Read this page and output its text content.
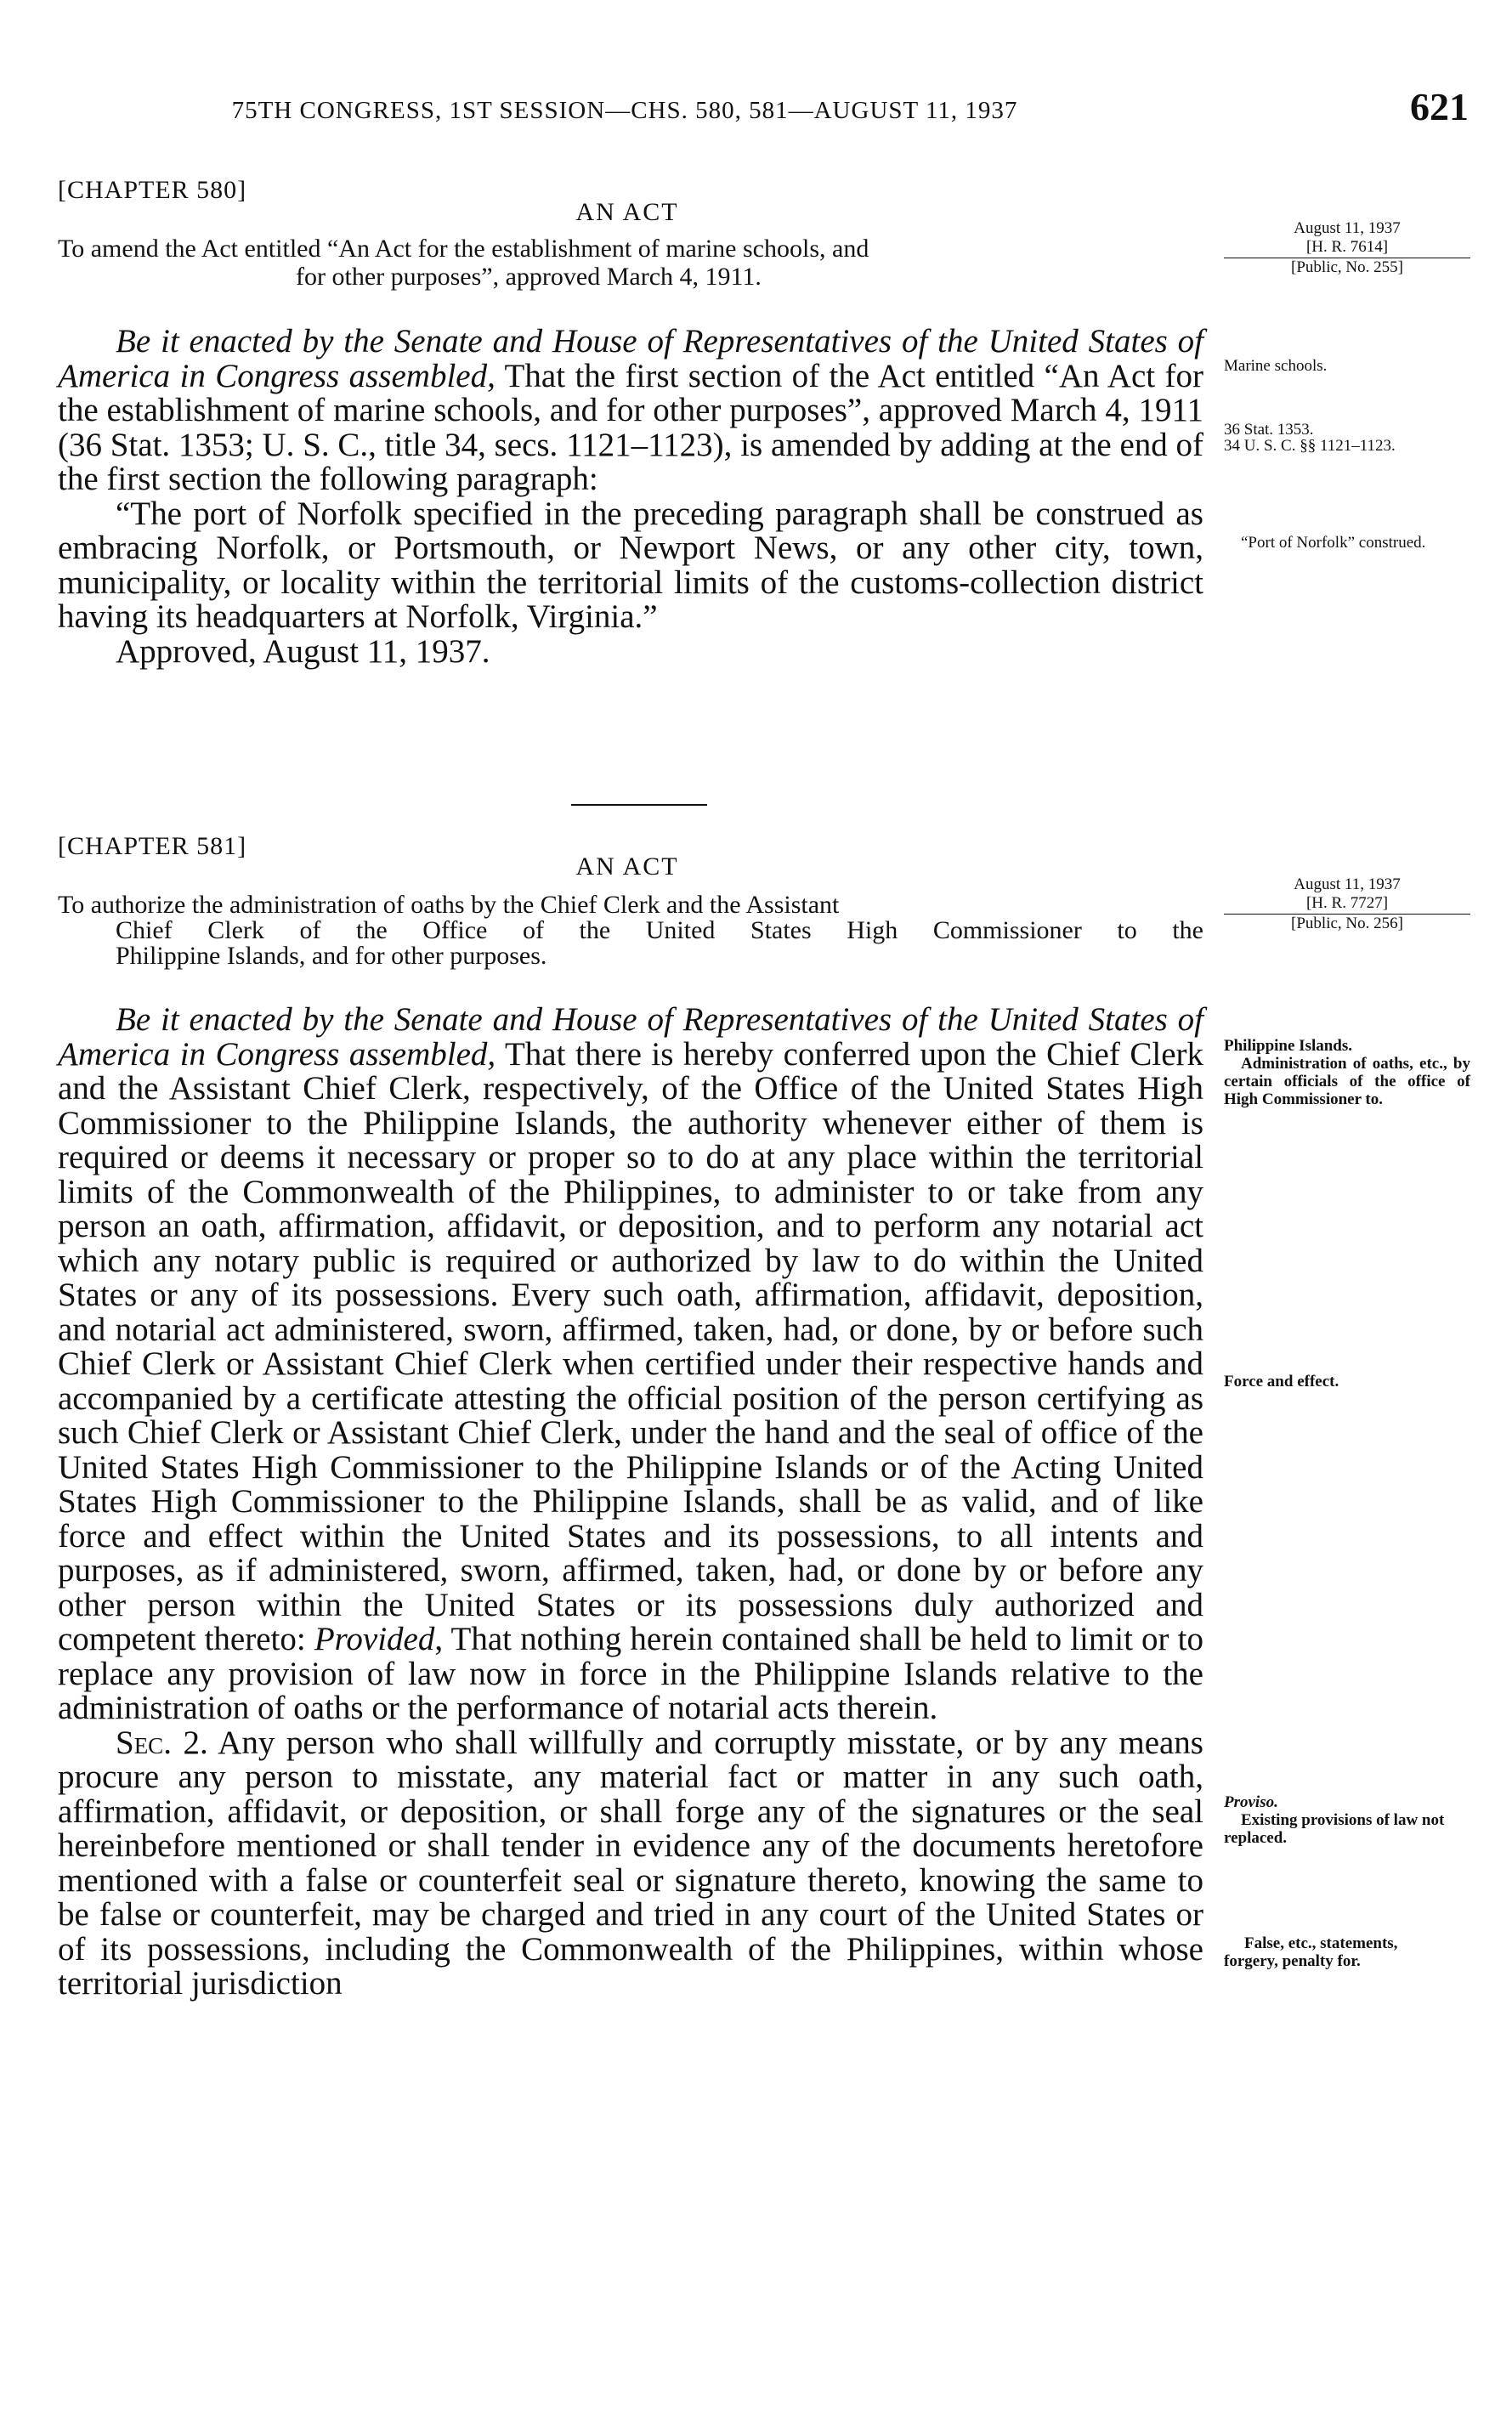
75TH CONGRESS, 1ST SESSION—CHS. 580, 581—AUGUST 11, 1937	621
[CHAPTER 580]
AN ACT
To amend the Act entitled “An Act for the establishment of marine schools, and
for other purposes”, approved March 4, 1911.

Be it enacted by the Senate and House of Representatives of the United States of America in Congress assembled, That the first section of the Act entitled “An Act for the establishment of marine schools, and for other purposes”, approved March 4, 1911 (36 Stat. 1353; U. S. C., title 34, secs. 1121–1123), is amended by adding at the end of the first section the following paragraph:

“The port of Norfolk specified in the preceding paragraph shall be construed as embracing Norfolk, or Portsmouth, or Newport News, or any other city, town, municipality, or locality within the territorial limits of the customs-collection district having its headquarters at Norfolk, Virginia.”

Approved, August 11, 1937.

August 11, 1937
[H. R. 7614]
[Public, No. 255]
Marine schools.
36 Stat. 1353.
34 U. S. C. §§ 1121–1123.
“Port of Norfolk” construed.
[CHAPTER 581]
AN ACT
To authorize the administration of oaths by the Chief Clerk and the Assistant
Chief Clerk of the Office of the United States High Commissioner to the
Philippine Islands, and for other purposes.

Be it enacted by the Senate and House of Representatives of the United States of America in Congress assembled, That there is hereby conferred upon the Chief Clerk and the Assistant Chief Clerk, respectively, of the Office of the United States High Commissioner to the Philippine Islands, the authority whenever either of them is required or deems it necessary or proper so to do at any place within the territorial limits of the Commonwealth of the Philippines, to administer to or take from any person an oath, affirmation, affidavit, or deposition, and to perform any notarial act which any notary public is required or authorized by law to do within the United States or any of its possessions. Every such oath, affirmation, affidavit, deposition, and notarial act administered, sworn, affirmed, taken, had, or done, by or before such Chief Clerk or Assistant Chief Clerk when certified under their respective hands and accompanied by a certificate attesting the official position of the person certifying as such Chief Clerk or Assistant Chief Clerk, under the hand and the seal of office of the United States High Commissioner to the Philippine Islands or of the Acting United States High Commissioner to the Philippine Islands, shall be as valid, and of like force and effect within the United States and its possessions, to all intents and purposes, as if administered, sworn, affirmed, taken, had, or done by or before any other person within the United States or its possessions duly authorized and competent thereto: Provided, That nothing herein contained shall be held to limit or to replace any provision of law now in force in the Philippine Islands relative to the administration of oaths or the performance of notarial acts therein.

Sec. 2. Any person who shall willfully and corruptly misstate, or by any means procure any person to misstate, any material fact or matter in any such oath, affirmation, affidavit, or deposition, or shall forge any of the signatures or the seal hereinbefore mentioned or shall tender in evidence any of the documents heretofore mentioned with a false or counterfeit seal or signature thereto, knowing the same to be false or counterfeit, may be charged and tried in any court of the United States or of its possessions, including the Commonwealth of the Philippines, within whose territorial jurisdiction

August 11, 1937
[H. R. 7727]
[Public, No. 256]
Philippine Islands.
Administration of oaths, etc., by certain officials of the office of High Commissioner to.
Force and effect.
Proviso.
Existing provisions of law not replaced.
False, etc., statements, forgery, penalty for.
